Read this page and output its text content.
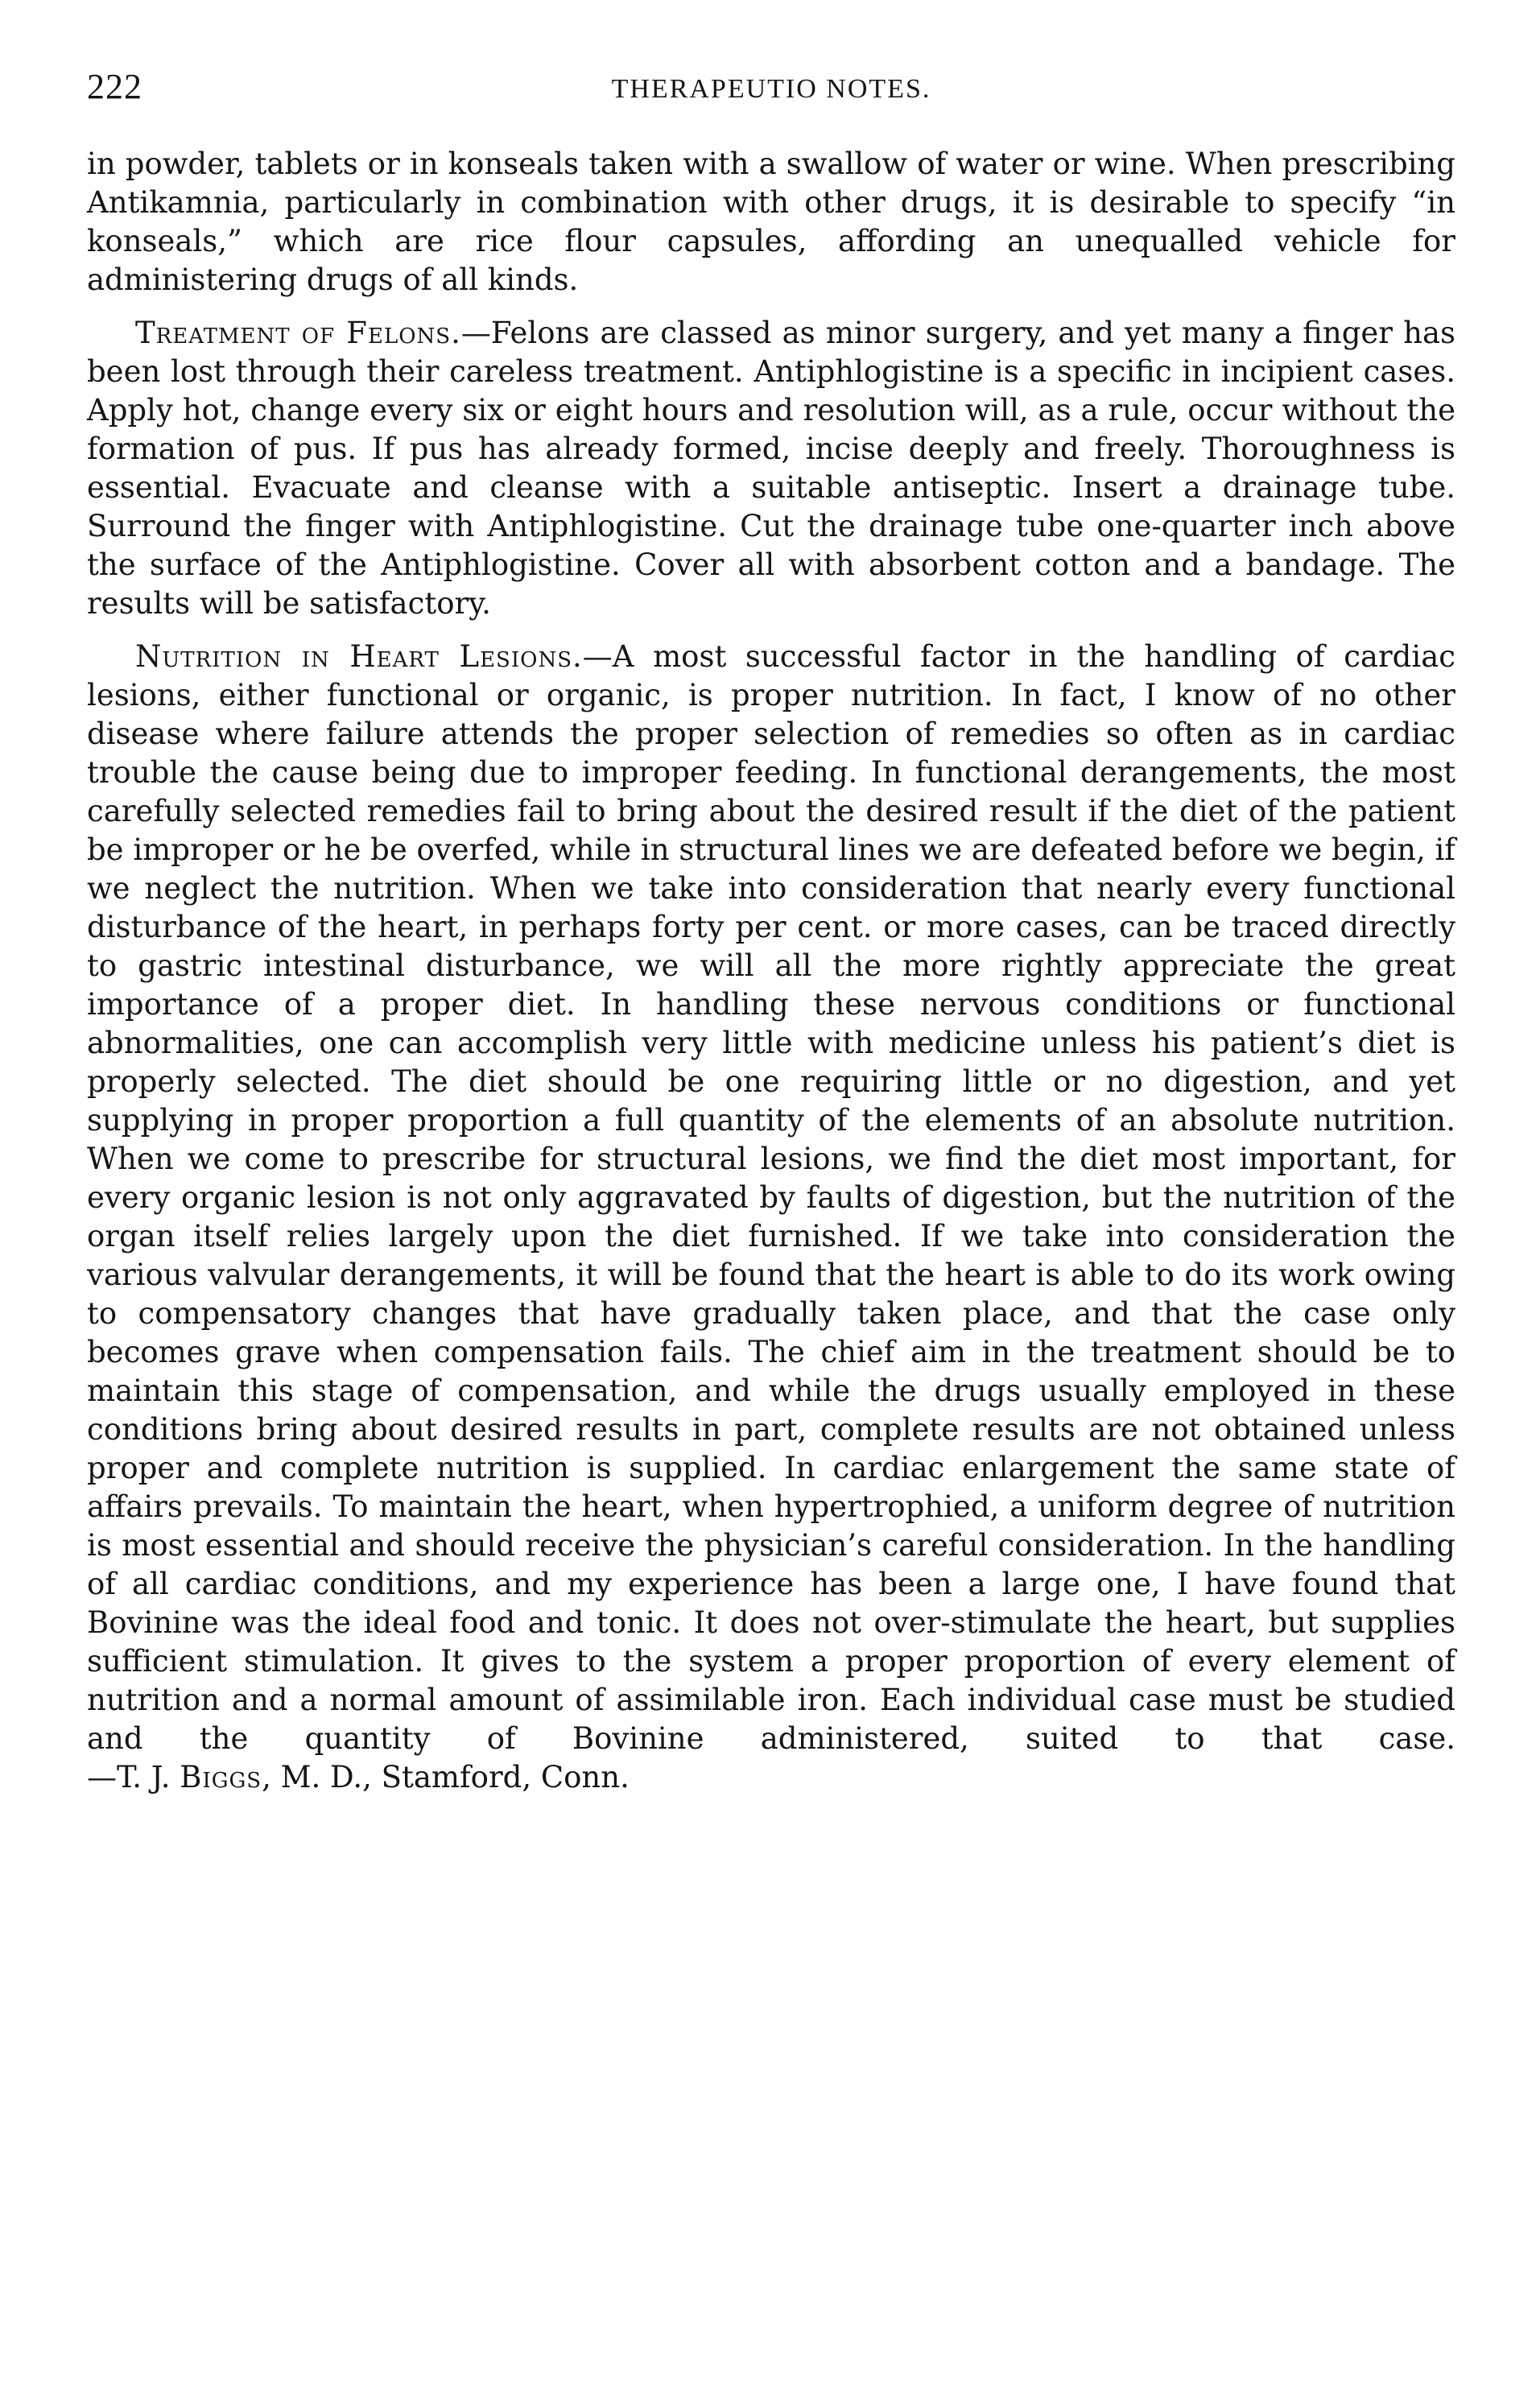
222	THERAPEUTIO NOTES.

in powder, tablets or in konseals taken with a swallow of water or wine. When prescribing Antikamnia, particularly in combination with other drugs, it is desirable to specify “in konseals,” which are rice flour capsules, affording an unequalled vehicle for administering drugs of all kinds.

Treatment of Felons.—Felons are classed as minor surgery, and yet many a finger has been lost through their careless treatment. Antiphlogistine is a specific in incipient cases. Apply hot, change every six or eight hours and resolution will, as a rule, occur without the formation of pus. If pus has already formed, incise deeply and freely. Thoroughness is essential. Evacuate and cleanse with a suitable antiseptic. Insert a drainage tube. Surround the finger with Antiphlogistine. Cut the drainage tube one-quarter inch above the surface of the Antiphlogistine. Cover all with absorbent cotton and a bandage. The results will be satisfactory.

Nutrition in Heart Lesions.—A most successful factor in the handling of cardiac lesions, either functional or organic, is proper nutrition. In fact, I know of no other disease where failure attends the proper selection of remedies so often as in cardiac trouble the cause being due to improper feeding. In functional derangements, the most carefully selected remedies fail to bring about the desired result if the diet of the patient be improper or he be overfed, while in structural lines we are defeated before we begin, if we neglect the nutrition. When we take into consideration that nearly every functional disturbance of the heart, in perhaps forty per cent. or more cases, can be traced directly to gastric intestinal disturbance, we will all the more rightly appreciate the great importance of a proper diet. In handling these nervous conditions or functional abnormalities, one can accomplish very little with medicine unless his patient’s diet is properly selected. The diet should be one requiring little or no digestion, and yet supplying in proper proportion a full quantity of the elements of an absolute nutrition. When we come to prescribe for structural lesions, we find the diet most important, for every organic lesion is not only aggravated by faults of digestion, but the nutrition of the organ itself relies largely upon the diet furnished. If we take into consideration the various valvular derangements, it will be found that the heart is able to do its work owing to compensatory changes that have gradually taken place, and that the case only becomes grave when compensation fails. The chief aim in the treatment should be to maintain this stage of compensation, and while the drugs usually employed in these conditions bring about desired results in part, complete results are not obtained unless proper and complete nutrition is supplied. In cardiac enlargement the same state of affairs prevails. To maintain the heart, when hypertrophied, a uniform degree of nutrition is most essential and should receive the physician’s careful consideration. In the handling of all cardiac conditions, and my experience has been a large one, I have found that Bovinine was the ideal food and tonic. It does not over-stimulate the heart, but supplies sufficient stimulation. It gives to the system a proper proportion of every element of nutrition and a normal amount of assimilable iron. Each individual case must be studied and the quantity of Bovinine administered, suited to that case.—T. J. Biggs, M. D., Stamford, Conn.
